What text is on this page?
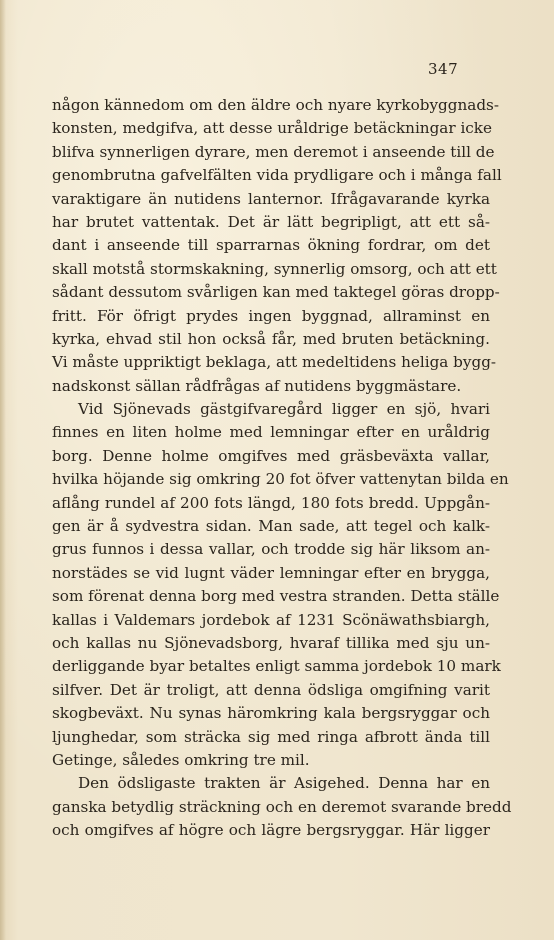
347
någon kännedom om den äldre och nyare kyrkobyggnads-
konsten, medgifva, att desse uråldrige betäckningar icke
blifva synnerligen dyrare, men deremot i anseende till de
genombrutna gafvelfälten vida prydligare och i många fall
varaktigare än nutidens lanternor. Ifrågavarande kyrka
har brutet vattentak. Det är lätt begripligt, att ett så-
dant i anseende till sparrarnas ökning fordrar, om det
skall motstå stormskakning, synnerlig omsorg, och att ett
sådant dessutom svårligen kan med taktegel göras dropp-
fritt. För öfrigt prydes ingen byggnad, allraminst en
kyrka, ehvad stil hon också får, med bruten betäckning.
Vi måste uppriktigt beklaga, att medeltidens heliga bygg-
nadskonst sällan rådfrågas af nutidens byggmästare.
Vid Sjönevads gästgifvaregård ligger en sjö, hvari
finnes en liten holme med lemningar efter en uråldrig
borg. Denne holme omgifves med gräsbeväxta vallar,
hvilka höjande sig omkring 20 fot öfver vattenytan bilda en
aflång rundel af 200 fots längd, 180 fots bredd. Uppgån-
gen är å sydvestra sidan. Man sade, att tegel och kalk-
grus funnos i dessa vallar, och trodde sig här liksom an-
norstädes se vid lugnt väder lemningar efter en brygga,
som förenat denna borg med vestra stranden. Detta ställe
kallas i Valdemars jordebok af 1231 Scönäwathsbiargh,
och kallas nu Sjönevadsborg, hvaraf tillika med sju un-
derliggande byar betaltes enligt samma jordebok 10 mark
silfver. Det är troligt, att denna ödsliga omgifning varit
skogbeväxt. Nu synas häromkring kala bergsryggar och
ljunghedar, som sträcka sig med ringa afbrott ända till
Getinge, således omkring tre mil.
Den ödsligaste trakten är Asigehed. Denna har en
ganska betydlig sträckning och en deremot svarande bredd
och omgifves af högre och lägre bergsryggar. Här ligger
